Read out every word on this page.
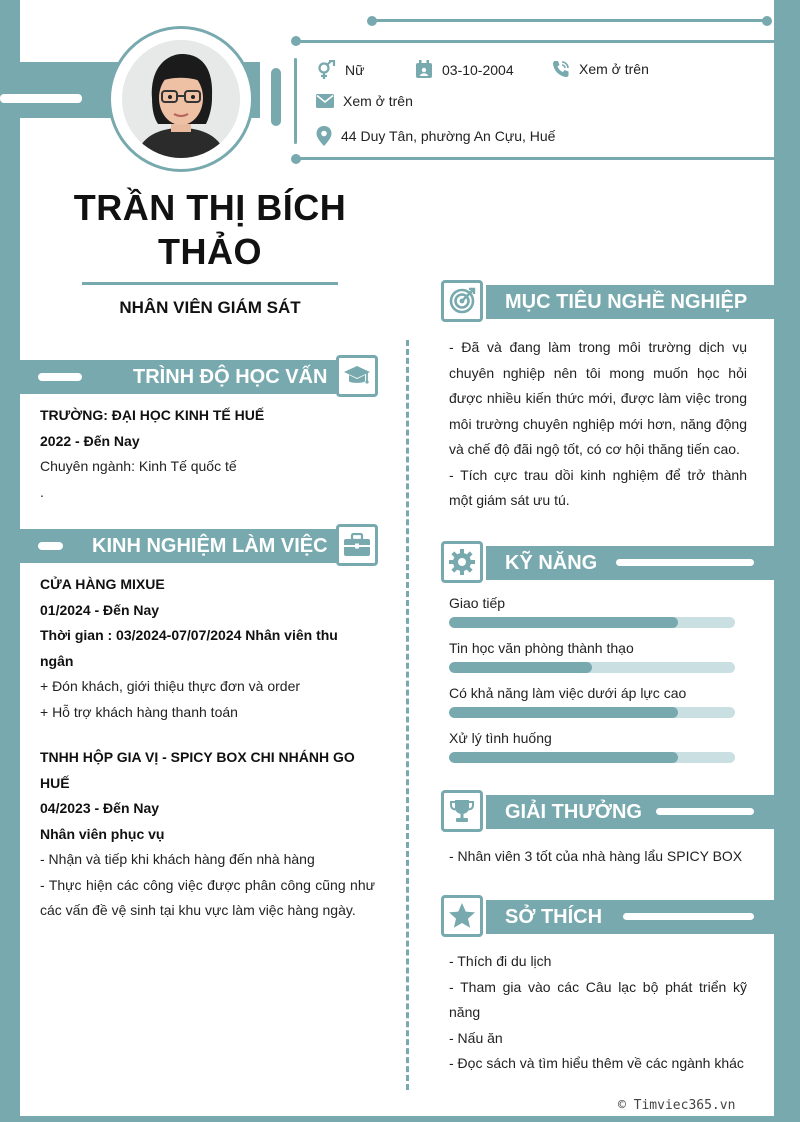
Nữ	03-10-2004	Xem ở trên
Xem ở trên
44 Duy Tân, phường An Cựu, Huế
TRẦN THỊ BÍCH
THẢO
NHÂN VIÊN GIÁM SÁT
TRÌNH ĐỘ HỌC VẤN
TRƯỜNG: ĐẠI HỌC KINH TẾ HUẾ
2022 - Đến Nay
Chuyên ngành: Kinh Tế quốc tế
.
KINH NGHIỆM LÀM VIỆC
CỬA HÀNG MIXUE
01/2024 - Đến Nay
Thời gian : 03/2024-07/07/2024 Nhân viên thu ngân
+ Đón khách, giới thiệu thực đơn và order
+ Hỗ trợ khách hàng thanh toán
TNHH HỘP GIA VỊ - SPICY BOX CHI NHÁNH GO HUẾ
04/2023 - Đến Nay
Nhân viên phục vụ
- Nhận và tiếp khi khách hàng đến nhà hàng
- Thực hiện các công việc được phân công cũng như các vấn đề vệ sinh tại khu vực làm việc hàng ngày.
MỤC TIÊU NGHỀ NGHIỆP
- Đã và đang làm trong môi trường dịch vụ chuyên nghiệp nên tôi mong muốn học hỏi được nhiều kiến thức mới, được làm việc trong môi trường chuyên nghiệp mới hơn, năng động và chế độ đãi ngộ tốt, có cơ hội thăng tiến cao.
- Tích cực trau dồi kinh nghiệm để trở thành một giám sát ưu tú.
KỸ NĂNG
Giao tiếp
Tin học văn phòng thành thạo
Có khả năng làm việc dưới áp lực cao
Xử lý tình huống
GIẢI THƯỞNG
- Nhân viên 3 tốt của nhà hàng lẩu SPICY BOX
SỞ THÍCH
- Thích đi du lịch
- Tham gia vào các Câu lạc bộ phát triển kỹ năng
- Nấu ăn
- Đọc sách và tìm hiểu thêm về các ngành khác
© Timviec365.vn
